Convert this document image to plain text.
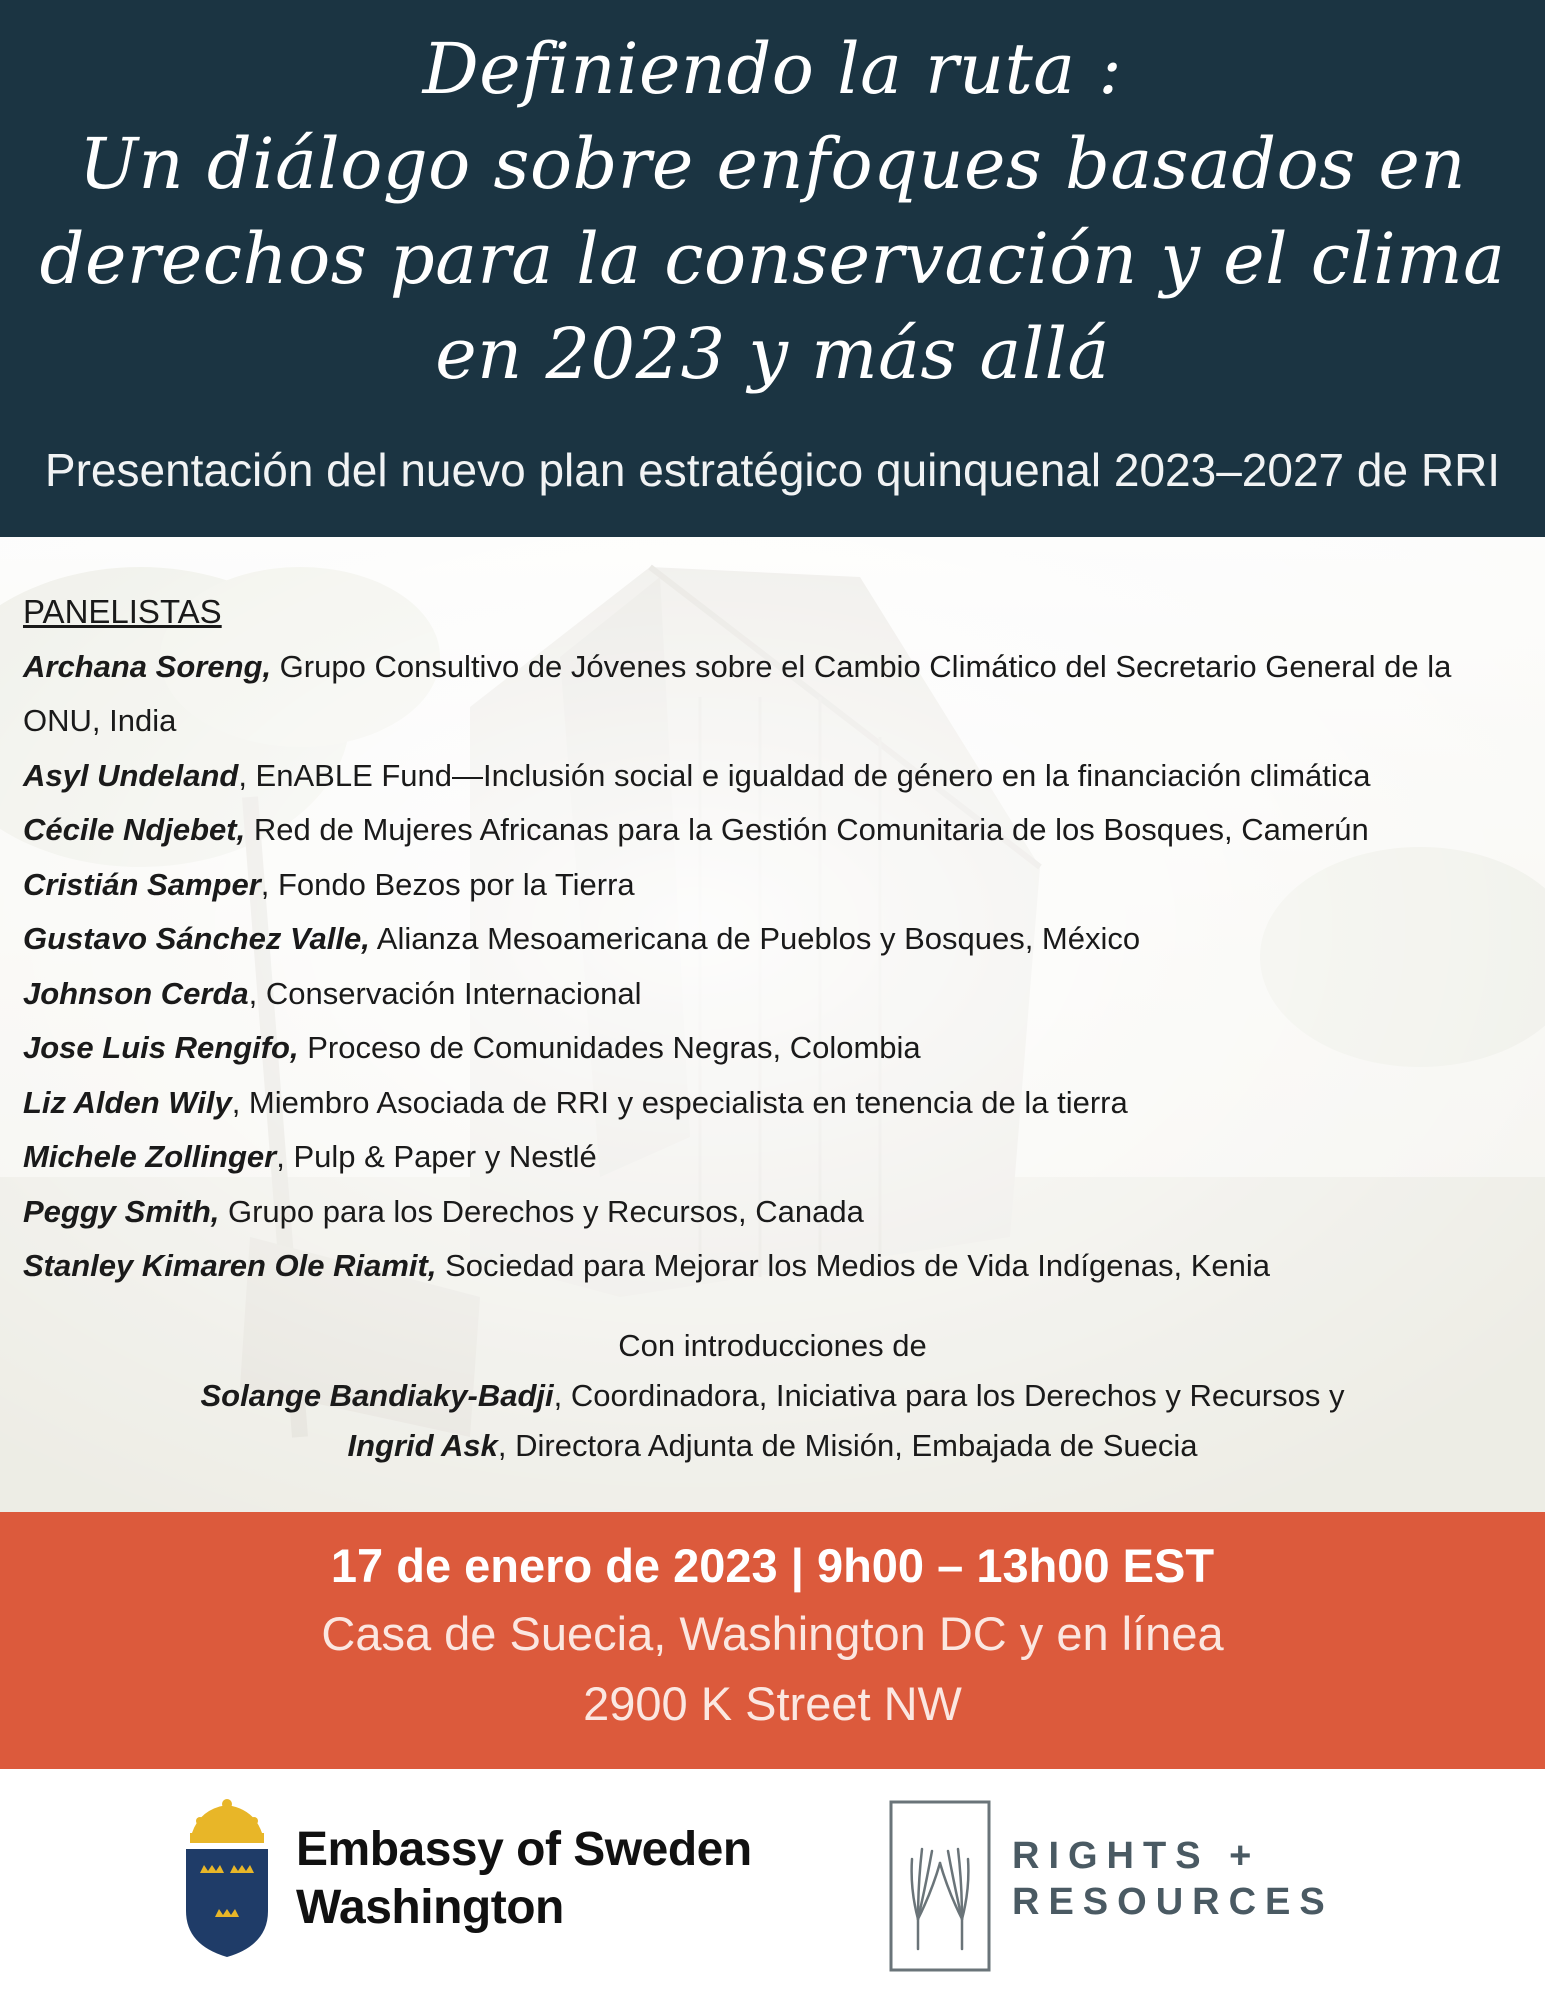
Definiendo la ruta :
Un diálogo sobre enfoques basados en
derechos para la conservación y el clima
en 2023 y más allá
Presentación del nuevo plan estratégico quinquenal 2023–2027 de RRI
PANELISTAS
Archana Soreng, Grupo Consultivo de Jóvenes sobre el Cambio Climático del Secretario General de la ONU, India
Asyl Undeland, EnABLE Fund—Inclusión social e igualdad de género en la financiación climática
Cécile Ndjebet, Red de Mujeres Africanas para la Gestión Comunitaria de los Bosques, Camerún
Cristián Samper, Fondo Bezos por la Tierra
Gustavo Sánchez Valle, Alianza Mesoamericana de Pueblos y Bosques, México
Johnson Cerda, Conservación Internacional
Jose Luis Rengifo, Proceso de Comunidades Negras, Colombia
Liz Alden Wily, Miembro Asociada de RRI y especialista en tenencia de la tierra
Michele Zollinger, Pulp & Paper y Nestlé
Peggy Smith, Grupo para los Derechos y Recursos, Canada
Stanley Kimaren Ole Riamit, Sociedad para Mejorar los Medios de Vida Indígenas, Kenia
Con introducciones de
Solange Bandiaky-Badji, Coordinadora, Iniciativa para los Derechos y Recursos y
Ingrid Ask, Directora Adjunta de Misión, Embajada de Suecia
17 de enero de 2023 | 9h00 – 13h00 EST
Casa de Suecia, Washington DC y en línea
2900 K Street NW
Embassy of Sweden
Washington
RIGHTS +
RESOURCES
